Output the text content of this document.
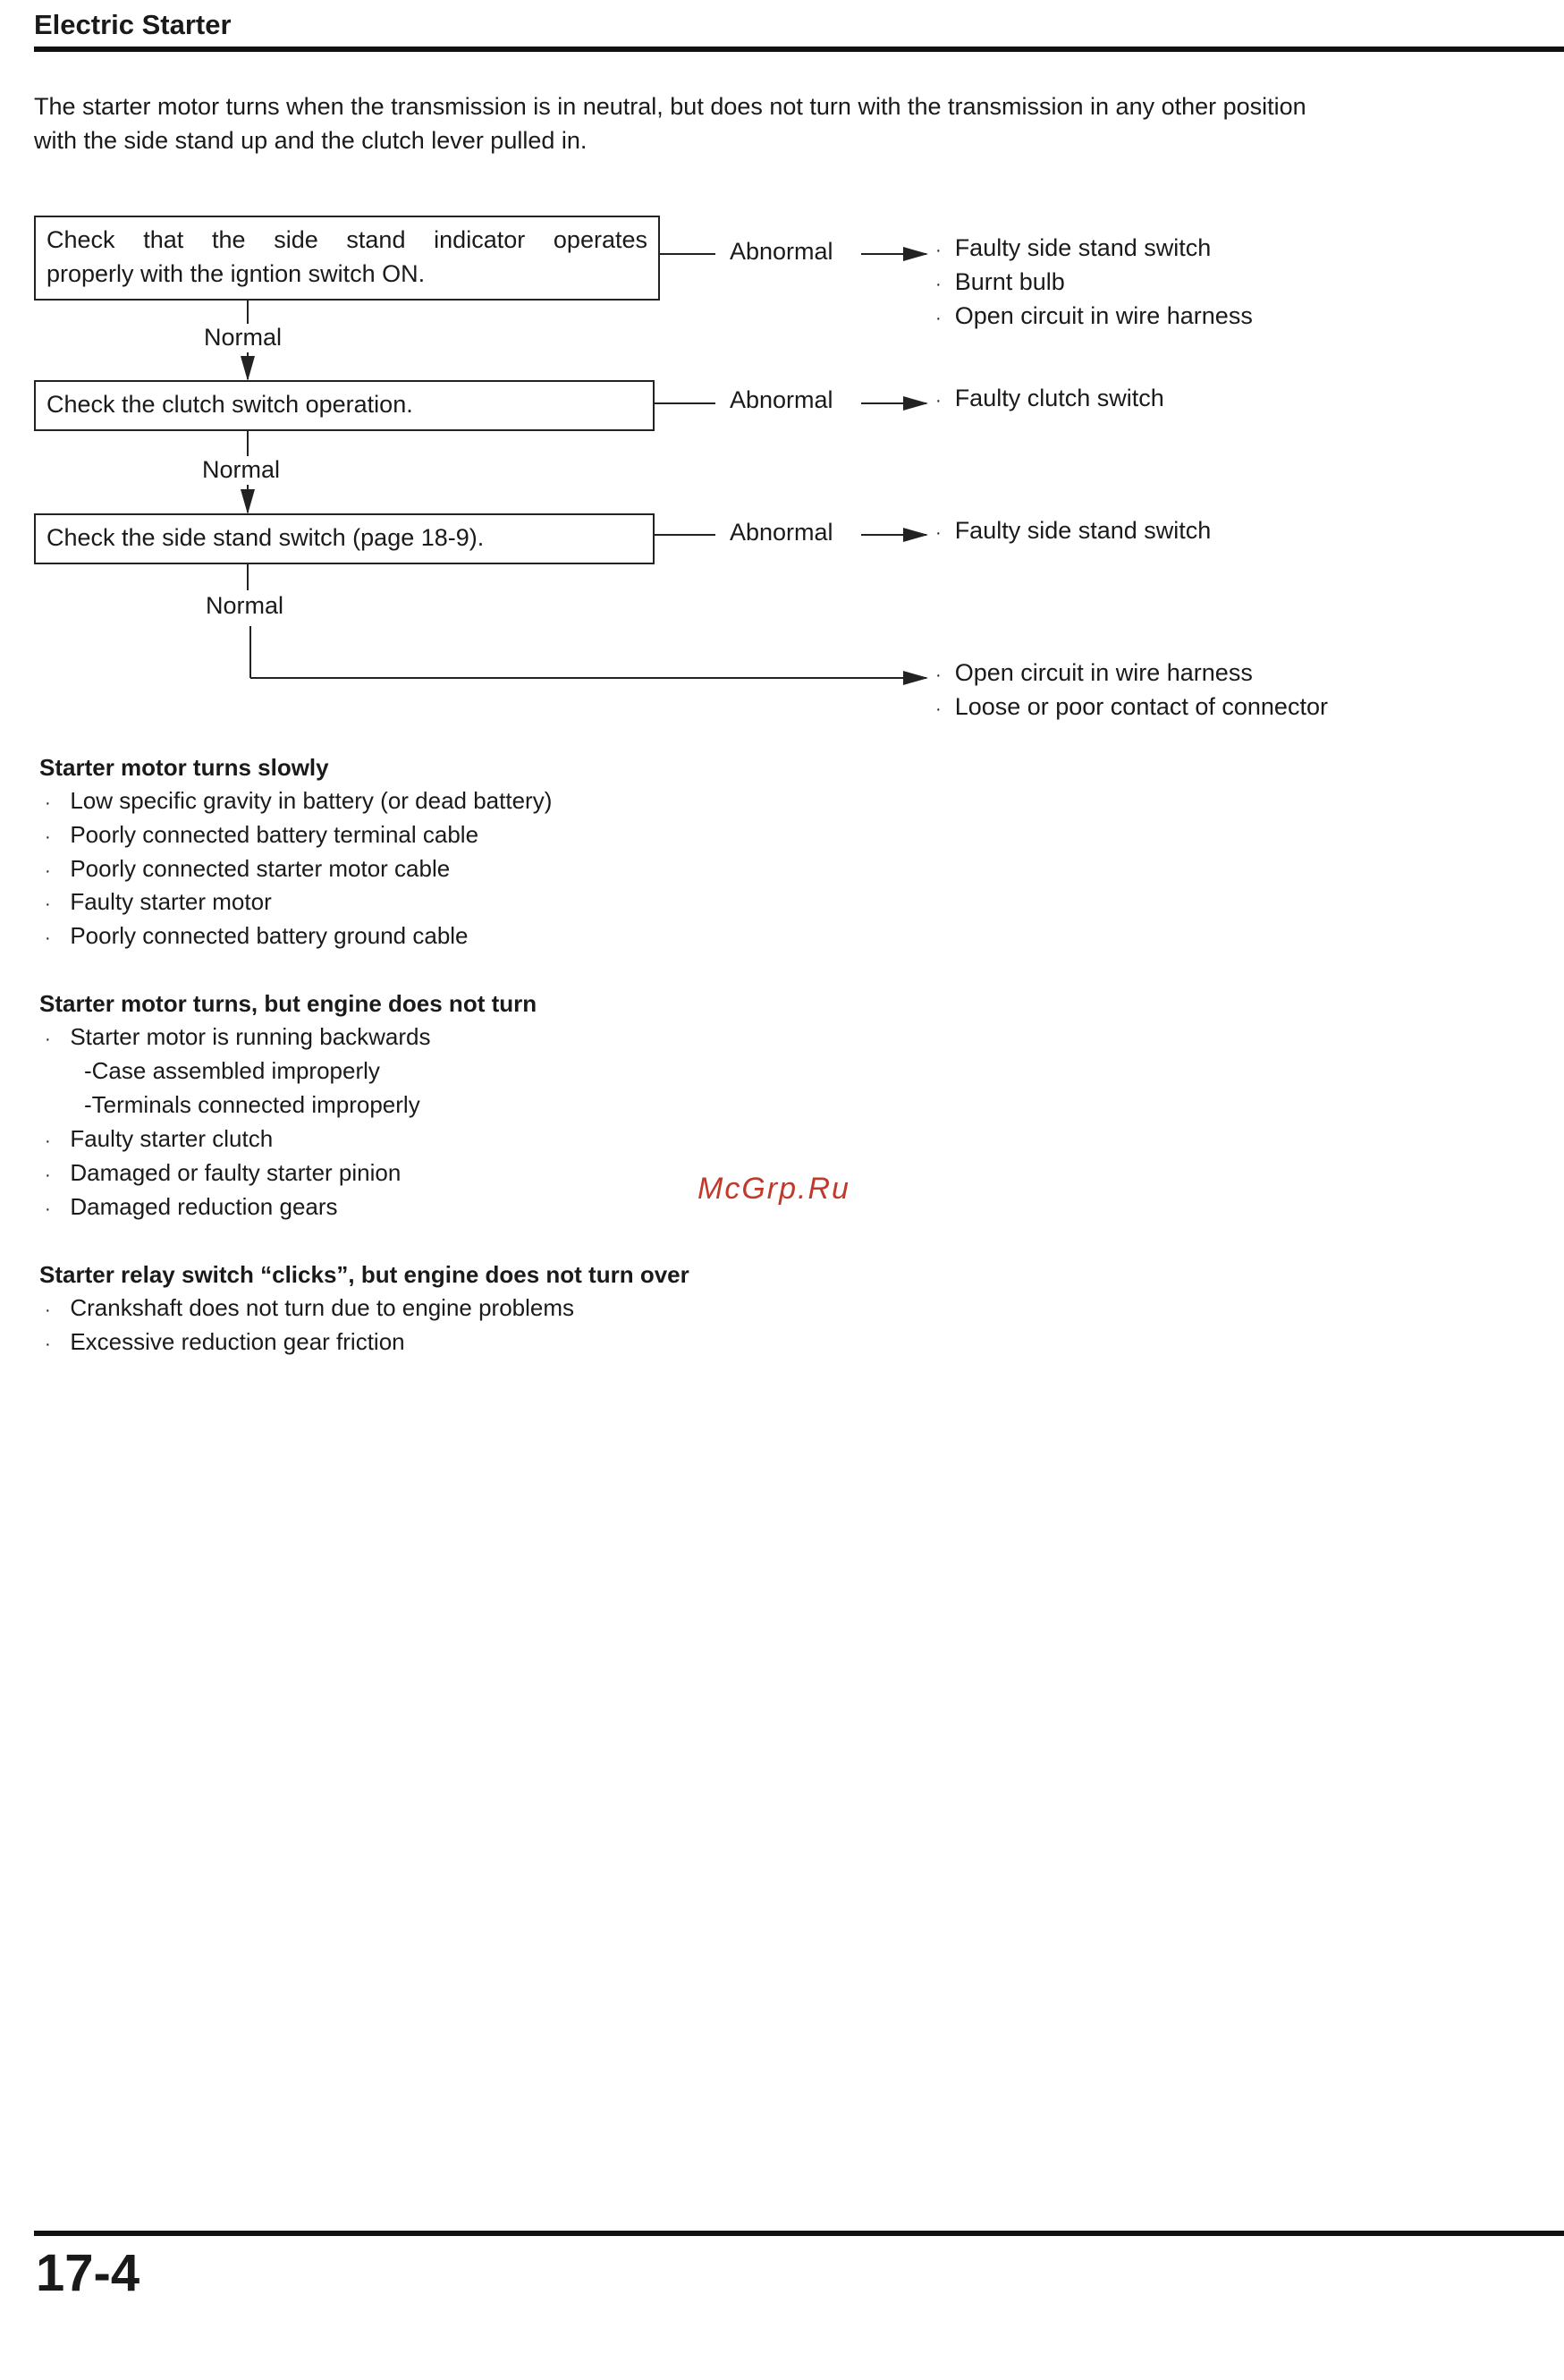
Electric Starter
The starter motor turns when the transmission is in neutral, but does not turn with the transmission in any other position
with the side stand up and the clutch lever pulled in.
Check that the side stand indicator operates
properly with the igntion switch ON.
Abnormal	· Faulty side stand switch
· Burnt bulb
· Open circuit in wire harness
Normal
Check the clutch switch operation.	Abnormal	· Faulty clutch switch
Normal
Check the side stand switch (page 18-9).	Abnormal	· Faulty side stand switch
Normal
· Open circuit in wire harness
· Loose or poor contact of connector
Starter motor turns slowly
· Low specific gravity in battery (or dead battery)
· Poorly connected battery terminal cable
· Poorly connected starter motor cable
· Faulty starter motor
· Poorly connected battery ground cable
Starter motor turns, but engine does not turn
· Starter motor is running backwards
-Case assembled improperly
-Terminals connected improperly
· Faulty starter clutch
· Damaged or faulty starter pinion
· Damaged reduction gears
McGrp.Ru
Starter relay switch “clicks”, but engine does not turn over
· Crankshaft does not turn due to engine problems
· Excessive reduction gear friction
17-4
